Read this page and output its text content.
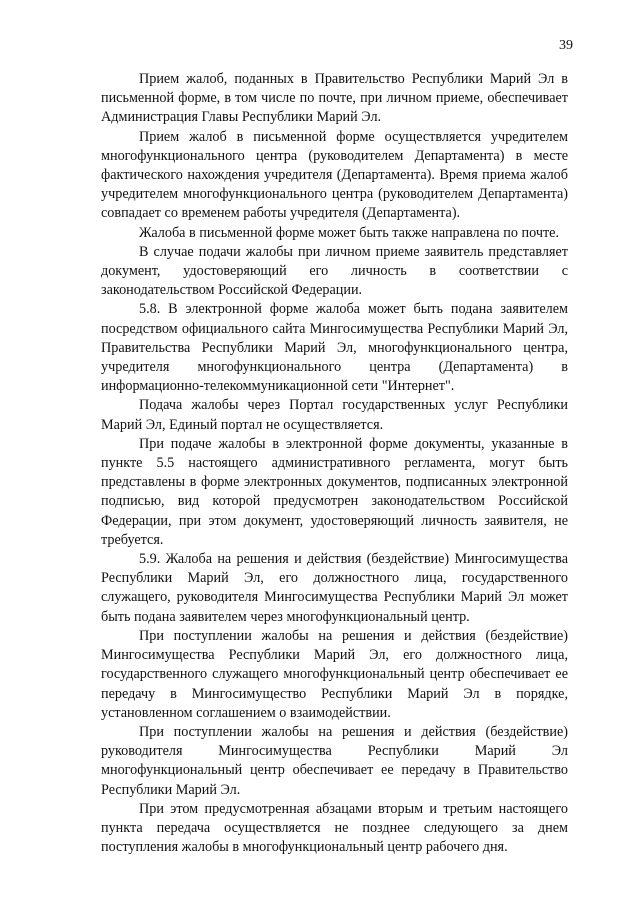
39

Прием жалоб, поданных в Правительство Республики Марий Эл в письменной форме, в том числе по почте, при личном приеме, обеспечивает Администрация Главы Республики Марий Эл.

Прием жалоб в письменной форме осуществляется учредителем многофункционального центра (руководителем Департамента) в месте фактического нахождения учредителя (Департамента). Время приема жалоб учредителем многофункционального центра (руководителем Департамента) совпадает со временем работы учредителя (Департамента).

Жалоба в письменной форме может быть также направлена по почте.

В случае подачи жалобы при личном приеме заявитель представляет документ, удостоверяющий его личность в соответствии с законодательством Российской Федерации.

5.8. В электронной форме жалоба может быть подана заявителем посредством официального сайта Мингосимущества Республики Марий Эл, Правительства Республики Марий Эл, многофункционального центра, учредителя многофункционального центра (Департамента) в информационно-телекоммуникационной сети "Интернет".

Подача жалобы через Портал государственных услуг Республики Марий Эл, Единый портал не осуществляется.

При подаче жалобы в электронной форме документы, указанные в пункте 5.5 настоящего административного регламента, могут быть представлены в форме электронных документов, подписанных электронной подписью, вид которой предусмотрен законодательством Российской Федерации, при этом документ, удостоверяющий личность заявителя, не требуется.

5.9. Жалоба на решения и действия (бездействие) Мингосимущества Республики Марий Эл, его должностного лица, государственного служащего, руководителя Мингосимущества Республики Марий Эл может быть подана заявителем через многофункциональный центр.

При поступлении жалобы на решения и действия (бездействие) Мингосимущества Республики Марий Эл, его должностного лица, государственного служащего многофункциональный центр обеспечивает ее передачу в Мингосимущество Республики Марий Эл в порядке, установленном соглашением о взаимодействии.

При поступлении жалобы на решения и действия (бездействие) руководителя Мингосимущества Республики Марий Эл многофункциональный центр обеспечивает ее передачу в Правительство Республики Марий Эл.

При этом предусмотренная абзацами вторым и третьим настоящего пункта передача осуществляется не позднее следующего за днем поступления жалобы в многофункциональный центр рабочего дня.
